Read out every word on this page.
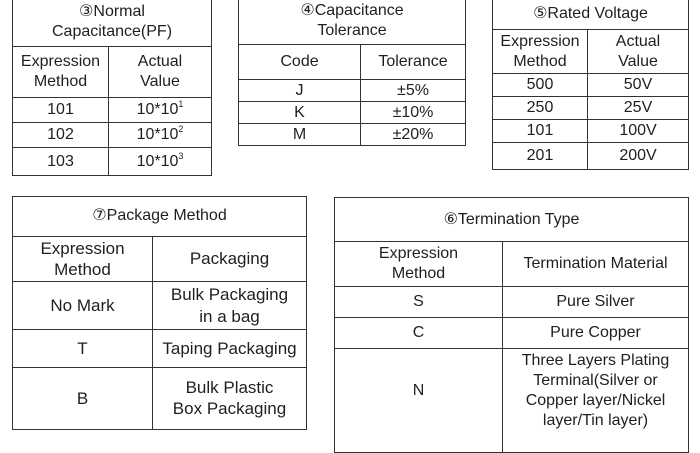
③Normal
Capacitance(PF)	
Expression
Method	Actual
Value
101	$10*10^1$
102	$10*10^2$
103	$10*10^3$
④Capacitance
Tolerance	
Code	Tolerance
J	±5%
K	±10%
M	±20%
⑤Rated Voltage	
Expression
Method	Actual
Value
500	50V
250	25V
101	100V
201	200V
⑦Package Method	
Expression
Method	Packaging
No Mark	Bulk Packaging
in a bag
T	Taping Packaging
B	Bulk Plastic
Box Packaging
⑥Termination Type	
Expression
Method	Termination Material
S	Pure Silver
C	Pure Copper
N	Three Layers Plating
Terminal(Silver or
Copper layer/Nickel
layer/Tin layer)
